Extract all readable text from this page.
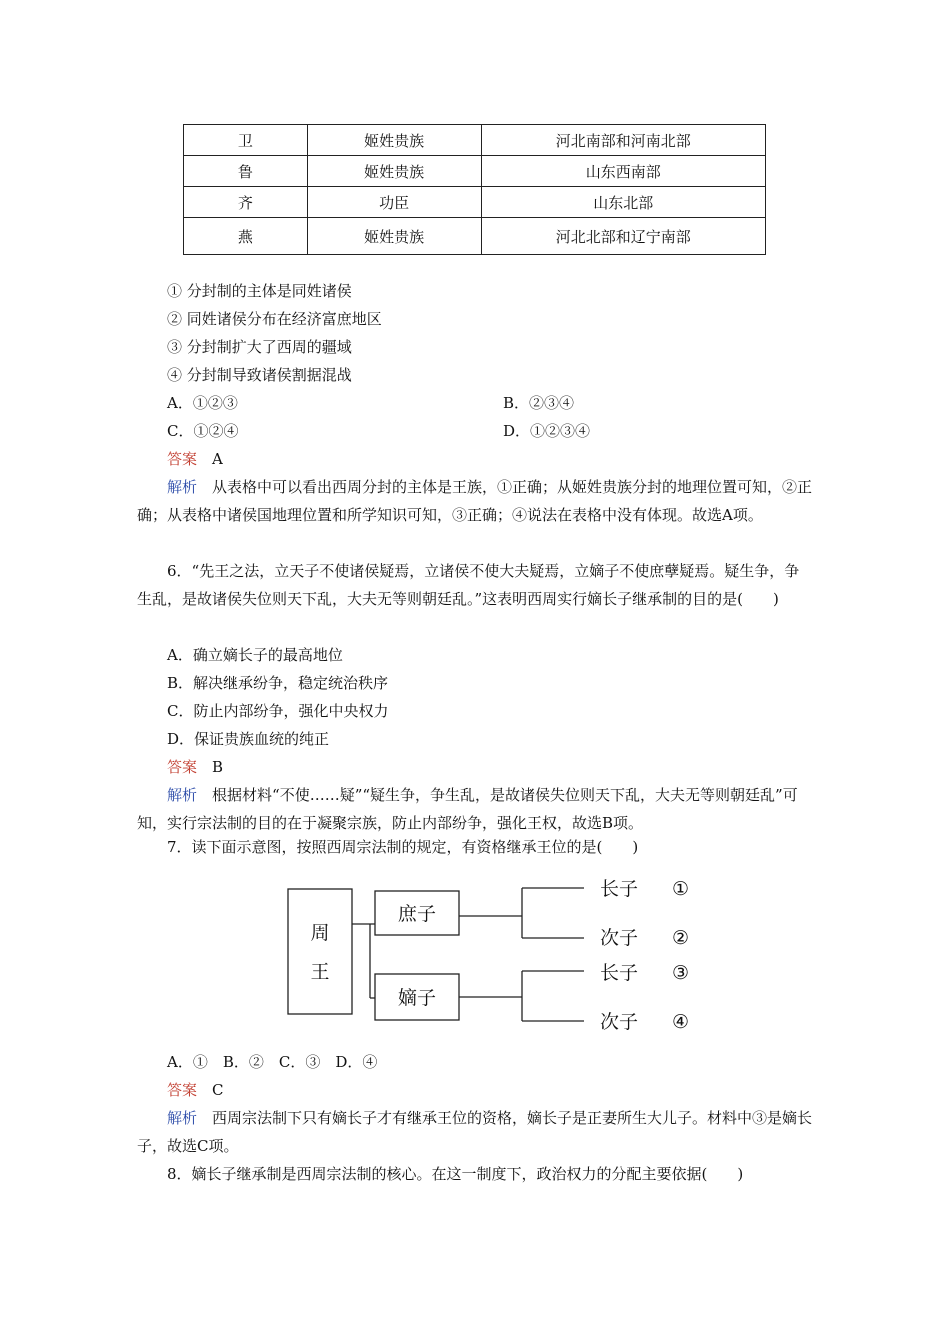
卫	姬姓贵族	河北南部和河南北部
鲁	姬姓贵族	山东西南部
齐	功臣	山东北部
燕	姬姓贵族	河北北部和辽宁南部
① 分封制的主体是同姓诸侯
② 同姓诸侯分布在经济富庶地区
③ 分封制扩大了西周的疆域
④ 分封制导致诸侯割据混战
A．①②③	B．②③④
C．①②④	D．①②③④
答案　 A
解析　 从表格中可以看出西周分封的主体是王族，①正确；从姬姓贵族分封的地理位置可知，②正确；从表格中诸侯国地理位置和所学知识可知，③正确；④说法在表格中没有体现。故选A项。
6．“先王之法，立天子不使诸侯疑焉，立诸侯不使大夫疑焉，立嫡子不使庶孽疑焉。疑生争，争生乱，是故诸侯失位则天下乱，大夫无等则朝廷乱。”这表明西周实行嫡长子继承制的目的是(　　)
A．确立嫡长子的最高地位
B．解决继承纷争，稳定统治秩序
C．防止内部纷争，强化中央权力
D．保证贵族血统的纯正
答案　 B
解析　 根据材料“不使……疑”“疑生争，争生乱，是故诸侯失位则天下乱，大夫无等则朝廷乱”可知，实行宗法制的目的在于凝聚宗族，防止内部纷争，强化王权，故选B项。
7．读下面示意图，按照西周宗法制的规定，有资格继承王位的是(　　)
周
王
庶子
嫡子
长子
次子
长子
次子
①
②
③
④
A．①　B．②　C．③　D．④
答案　 C
解析　 西周宗法制下只有嫡长子才有继承王位的资格，嫡长子是正妻所生大儿子。材料中③是嫡长子，故选C项。
8．嫡长子继承制是西周宗法制的核心。在这一制度下，政治权力的分配主要依据(　　)
